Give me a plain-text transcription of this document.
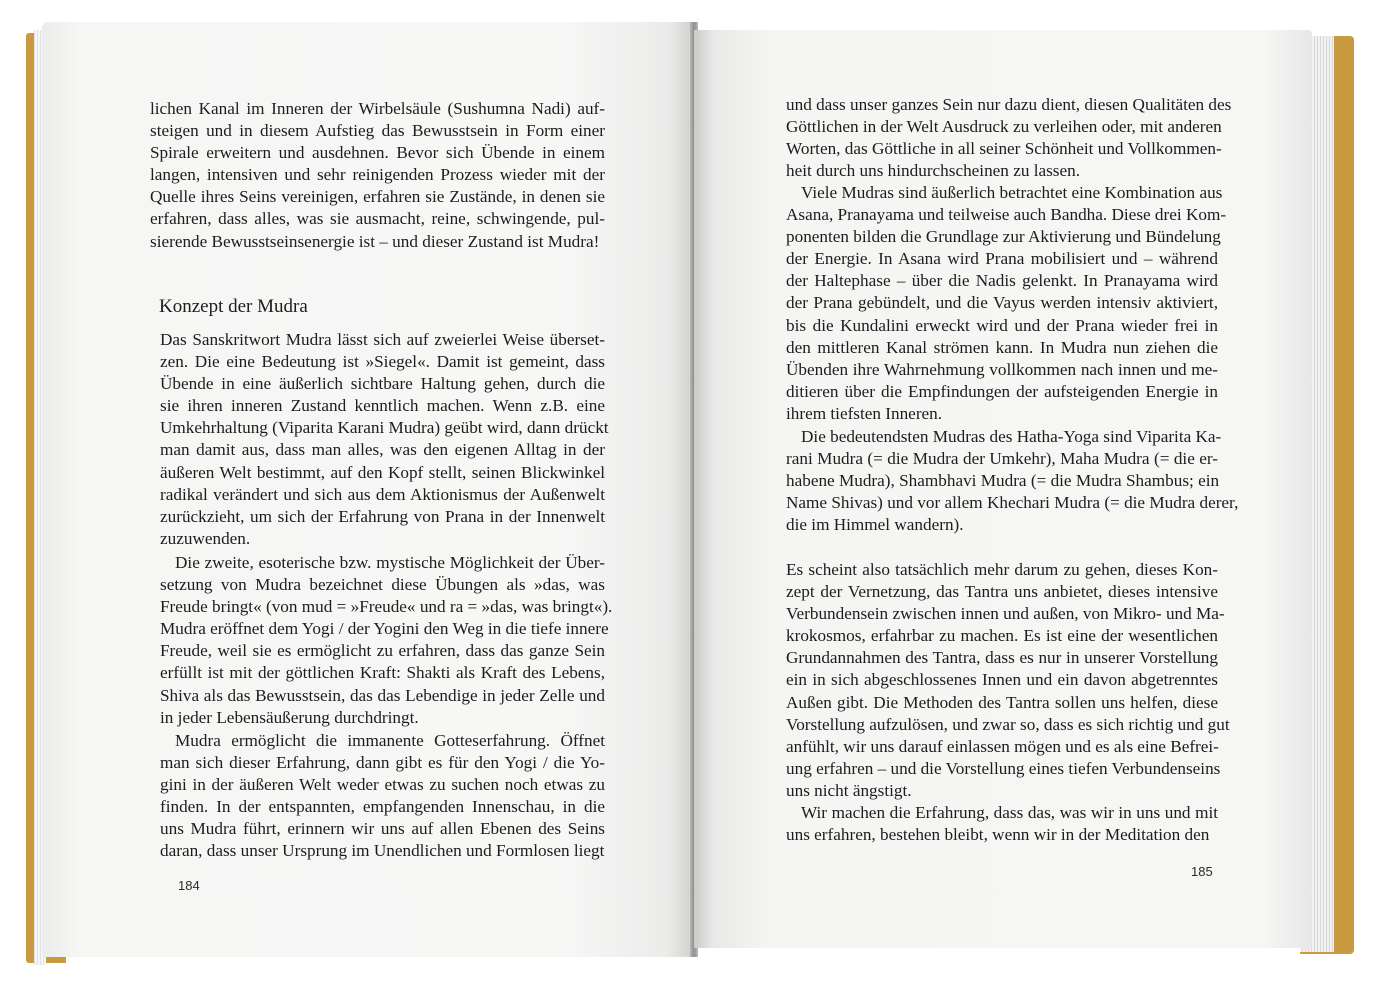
lichen Kanal im Inneren der Wirbelsäule (Sushumna Nadi) auf-
steigen und in diesem Aufstieg das Bewusstsein in Form einer
Spirale erweitern und ausdehnen. Bevor sich Übende in einem
langen, intensiven und sehr reinigenden Prozess wieder mit der
Quelle ihres Seins vereinigen, erfahren sie Zustände, in denen sie
erfahren, dass alles, was sie ausmacht, reine, schwingende, pul-
sierende Bewusstseinsenergie ist – und dieser Zustand ist Mudra!
Konzept der Mudra
Das Sanskritwort Mudra lässt sich auf zweierlei Weise überset-
zen. Die eine Bedeutung ist »Siegel«. Damit ist gemeint, dass
Übende in eine äußerlich sichtbare Haltung gehen, durch die
sie ihren inneren Zustand kenntlich machen. Wenn z.B. eine
Umkehrhaltung (Viparita Karani Mudra) geübt wird, dann drückt
man damit aus, dass man alles, was den eigenen Alltag in der
äußeren Welt bestimmt, auf den Kopf stellt, seinen Blickwinkel
radikal verändert und sich aus dem Aktionismus der Außenwelt
zurückzieht, um sich der Erfahrung von Prana in der Innenwelt
zuzuwenden.
Die zweite, esoterische bzw. mystische Möglichkeit der Über-
setzung von Mudra bezeichnet diese Übungen als »das, was
Freude bringt« (von mud = »Freude« und ra = »das, was bringt«).
Mudra eröffnet dem Yogi / der Yogini den Weg in die tiefe innere
Freude, weil sie es ermöglicht zu erfahren, dass das ganze Sein
erfüllt ist mit der göttlichen Kraft: Shakti als Kraft des Lebens,
Shiva als das Bewusstsein, das das Lebendige in jeder Zelle und
in jeder Lebensäußerung durchdringt.
Mudra ermöglicht die immanente Gotteserfahrung. Öffnet
man sich dieser Erfahrung, dann gibt es für den Yogi / die Yo-
gini in der äußeren Welt weder etwas zu suchen noch etwas zu
finden. In der entspannten, empfangenden Innenschau, in die
uns Mudra führt, erinnern wir uns auf allen Ebenen des Seins
daran, dass unser Ursprung im Unendlichen und Formlosen liegt
184
und dass unser ganzes Sein nur dazu dient, diesen Qualitäten des
Göttlichen in der Welt Ausdruck zu verleihen oder, mit anderen
Worten, das Göttliche in all seiner Schönheit und Vollkommen-
heit durch uns hindurchscheinen zu lassen.
Viele Mudras sind äußerlich betrachtet eine Kombination aus
Asana, Pranayama und teilweise auch Bandha. Diese drei Kom-
ponenten bilden die Grundlage zur Aktivierung und Bündelung
der Energie. In Asana wird Prana mobilisiert und – während
der Haltephase – über die Nadis gelenkt. In Pranayama wird
der Prana gebündelt, und die Vayus werden intensiv aktiviert,
bis die Kundalini erweckt wird und der Prana wieder frei in
den mittleren Kanal strömen kann. In Mudra nun ziehen die
Übenden ihre Wahrnehmung vollkommen nach innen und me-
ditieren über die Empfindungen der aufsteigenden Energie in
ihrem tiefsten Inneren.
Die bedeutendsten Mudras des Hatha-Yoga sind Viparita Ka-
rani Mudra (= die Mudra der Umkehr), Maha Mudra (= die er-
habene Mudra), Shambhavi Mudra (= die Mudra Shambus; ein
Name Shivas) und vor allem Khechari Mudra (= die Mudra derer,
die im Himmel wandern).
Es scheint also tatsächlich mehr darum zu gehen, dieses Kon-
zept der Vernetzung, das Tantra uns anbietet, dieses intensive
Verbundensein zwischen innen und außen, von Mikro- und Ma-
krokosmos, erfahrbar zu machen. Es ist eine der wesentlichen
Grundannahmen des Tantra, dass es nur in unserer Vorstellung
ein in sich abgeschlossenes Innen und ein davon abgetrenntes
Außen gibt. Die Methoden des Tantra sollen uns helfen, diese
Vorstellung aufzulösen, und zwar so, dass es sich richtig und gut
anfühlt, wir uns darauf einlassen mögen und es als eine Befrei-
ung erfahren – und die Vorstellung eines tiefen Verbundenseins
uns nicht ängstigt.
Wir machen die Erfahrung, dass das, was wir in uns und mit
uns erfahren, bestehen bleibt, wenn wir in der Meditation den
185
